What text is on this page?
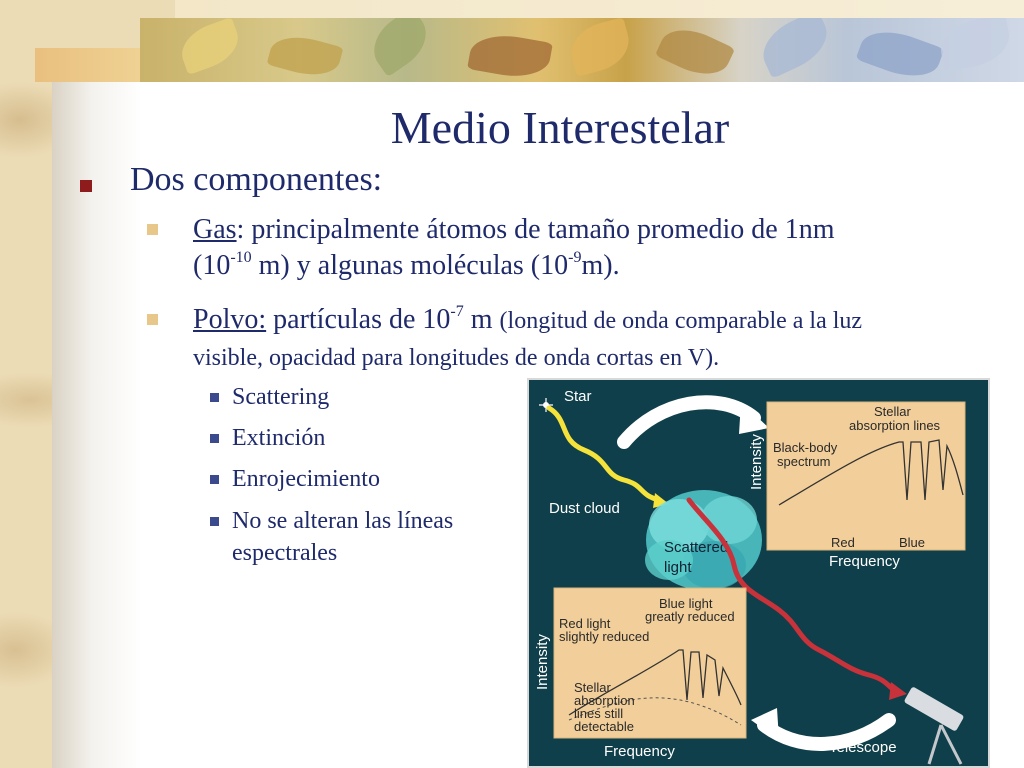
Medio Interestelar
Dos componentes:
Gas: principalmente átomos de tamaño promedio de 1nm
($10^{-10}$ m) y algunas moléculas $(10^{-9}m)$.
Polvo: partículas de $10^{-7}$ m (longitud de onda comparable a la luz
visible, opacidad para longitudes de onda cortas en V).
Scattering
Extinción
Enrojecimiento
No se alteran las líneas
espectrales
Star
Dust cloud
Scattered
light
Stellar
absorption lines
Black-body
spectrum
Red	Blue
Intensity
Frequency
Blue light
greatly reduced
Red light
slightly reduced
Stellar
absorption
lines still
detectable
Intensity
Frequency	Telescope
